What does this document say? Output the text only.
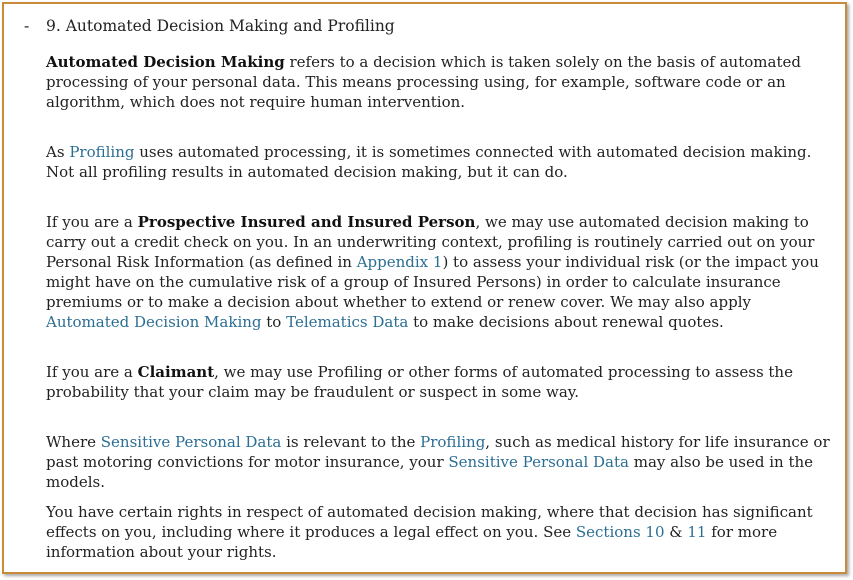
- 9. Automated Decision Making and Profiling

Automated Decision Making refers to a decision which is taken solely on the basis of automated processing of your personal data. This means processing using, for example, software code or an algorithm, which does not require human intervention.

As Profiling uses automated processing, it is sometimes connected with automated decision making. Not all profiling results in automated decision making, but it can do.

If you are a Prospective Insured and Insured Person, we may use automated decision making to carry out a credit check on you. In an underwriting context, profiling is routinely carried out on your Personal Risk Information (as defined in Appendix 1) to assess your individual risk (or the impact you might have on the cumulative risk of a group of Insured Persons) in order to calculate insurance premiums or to make a decision about whether to extend or renew cover. We may also apply Automated Decision Making to Telematics Data to make decisions about renewal quotes.

If you are a Claimant, we may use Profiling or other forms of automated processing to assess the probability that your claim may be fraudulent or suspect in some way.

Where Sensitive Personal Data is relevant to the Profiling, such as medical history for life insurance or past motoring convictions for motor insurance, your Sensitive Personal Data may also be used in the models.

You have certain rights in respect of automated decision making, where that decision has significant effects on you, including where it produces a legal effect on you. See Sections 10 & 11 for more information about your rights.
